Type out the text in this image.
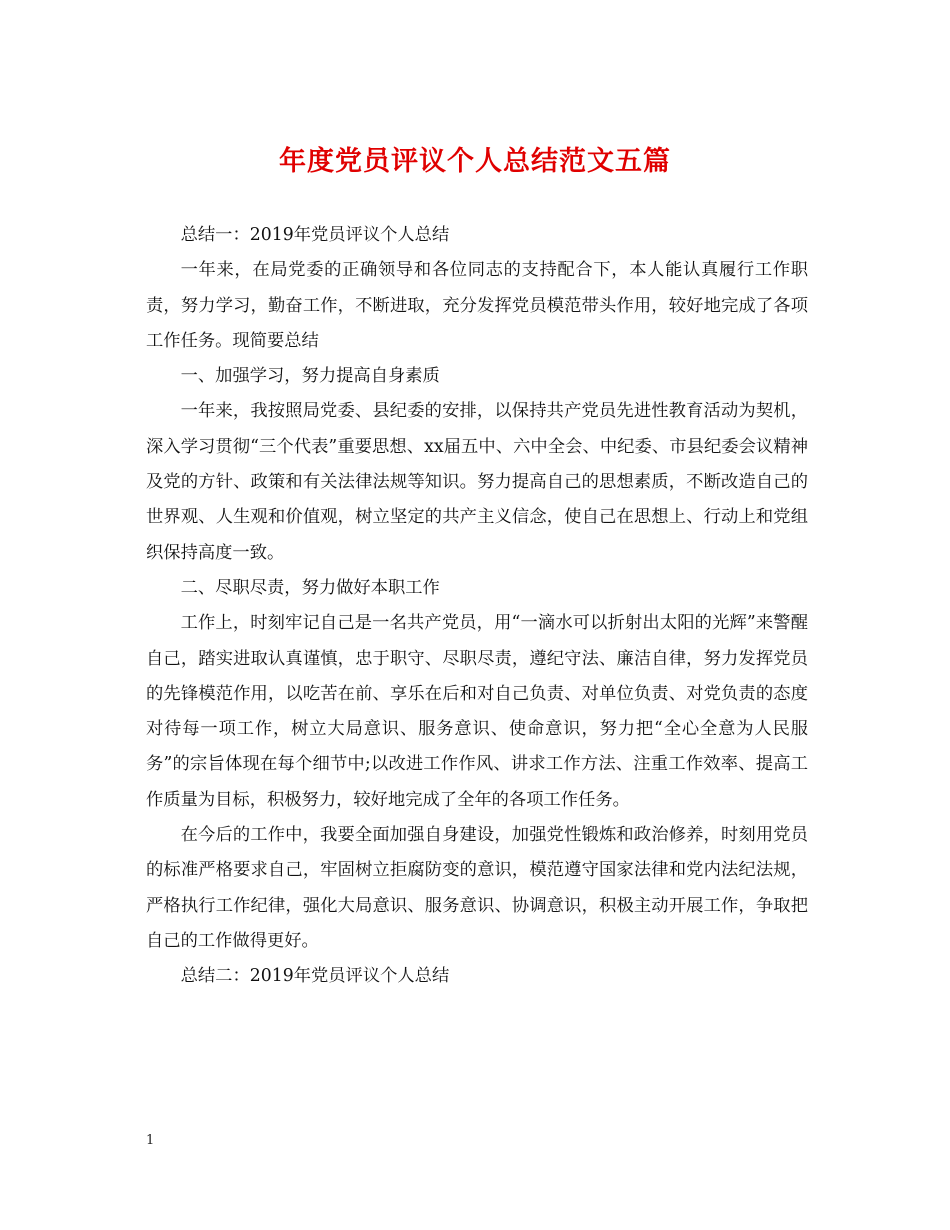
年度党员评议个人总结范文五篇

总结一：2019年党员评议个人总结

一年来，在局党委的正确领导和各位同志的支持配合下，本人能认真履行工作职责，努力学习，勤奋工作，不断进取，充分发挥党员模范带头作用，较好地完成了各项工作任务。现简要总结

一、加强学习，努力提高自身素质

一年来，我按照局党委、县纪委的安排，以保持共产党员先进性教育活动为契机，深入学习贯彻“三个代表”重要思想、xx届五中、六中全会、中纪委、市县纪委会议精神及党的方针、政策和有关法律法规等知识。努力提高自己的思想素质，不断改造自己的世界观、人生观和价值观，树立坚定的共产主义信念，使自己在思想上、行动上和党组织保持高度一致。

二、尽职尽责，努力做好本职工作

工作上，时刻牢记自己是一名共产党员，用“一滴水可以折射出太阳的光辉”来警醒自己，踏实进取认真谨慎，忠于职守、尽职尽责，遵纪守法、廉洁自律，努力发挥党员的先锋模范作用，以吃苦在前、享乐在后和对自己负责、对单位负责、对党负责的态度对待每一项工作，树立大局意识、服务意识、使命意识，努力把“全心全意为人民服务”的宗旨体现在每个细节中;以改进工作作风、讲求工作方法、注重工作效率、提高工作质量为目标，积极努力，较好地完成了全年的各项工作任务。

在今后的工作中，我要全面加强自身建设，加强党性锻炼和政治修养，时刻用党员的标准严格要求自己，牢固树立拒腐防变的意识，模范遵守国家法律和党内法纪法规，严格执行工作纪律，强化大局意识、服务意识、协调意识，积极主动开展工作，争取把自己的工作做得更好。

总结二：2019年党员评议个人总结

1
